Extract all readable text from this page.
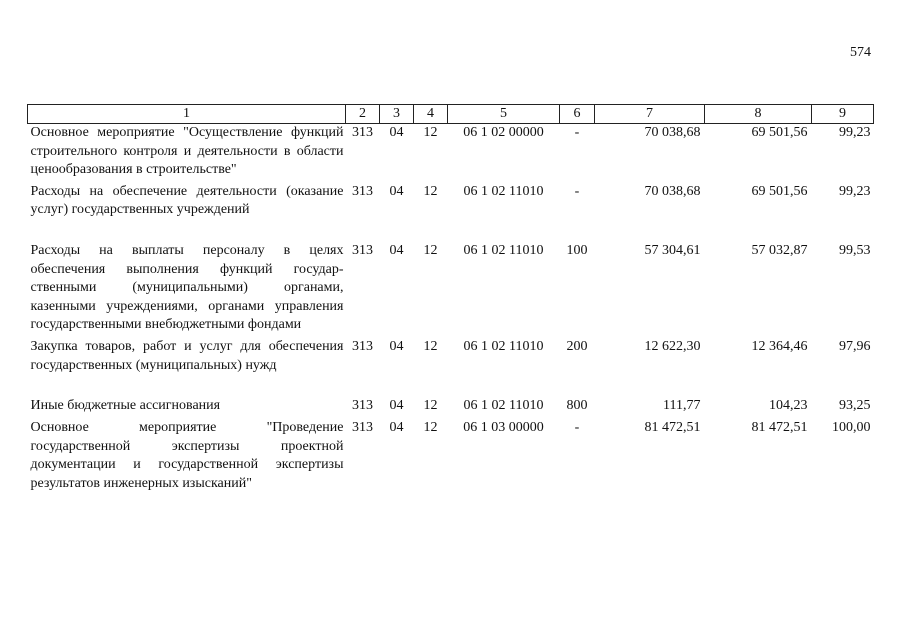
574
1	2	3	4	5	6	7	8	9
Основное мероприятие "Осуществление функций строительного контроля и деятельности в области ценообразования в строительстве"	313	04	12	06 1 02 00000	-	70 038,68	69 501,56	99,23
Расходы на обеспечение деятельности (оказание услуг) государственных учреждений	313	04	12	06 1 02 11010	-	70 038,68	69 501,56	99,23
Расходы на выплаты персоналу в целях обеспечения выполнения функций государ-ственными (муниципальными) органами, казенными учреждениями, органами управления государственными внебюджетными фондами	313	04	12	06 1 02 11010	100	57 304,61	57 032,87	99,53
Закупка товаров, работ и услуг для обеспечения государственных (муниципальных) нужд	313	04	12	06 1 02 11010	200	12 622,30	12 364,46	97,96
Иные бюджетные ассигнования	313	04	12	06 1 02 11010	800	111,77	104,23	93,25
Основное мероприятие "Проведение государственной экспертизы проектной документации и государственной экспертизы результатов инженерных изысканий"	313	04	12	06 1 03 00000	-	81 472,51	81 472,51	100,00
